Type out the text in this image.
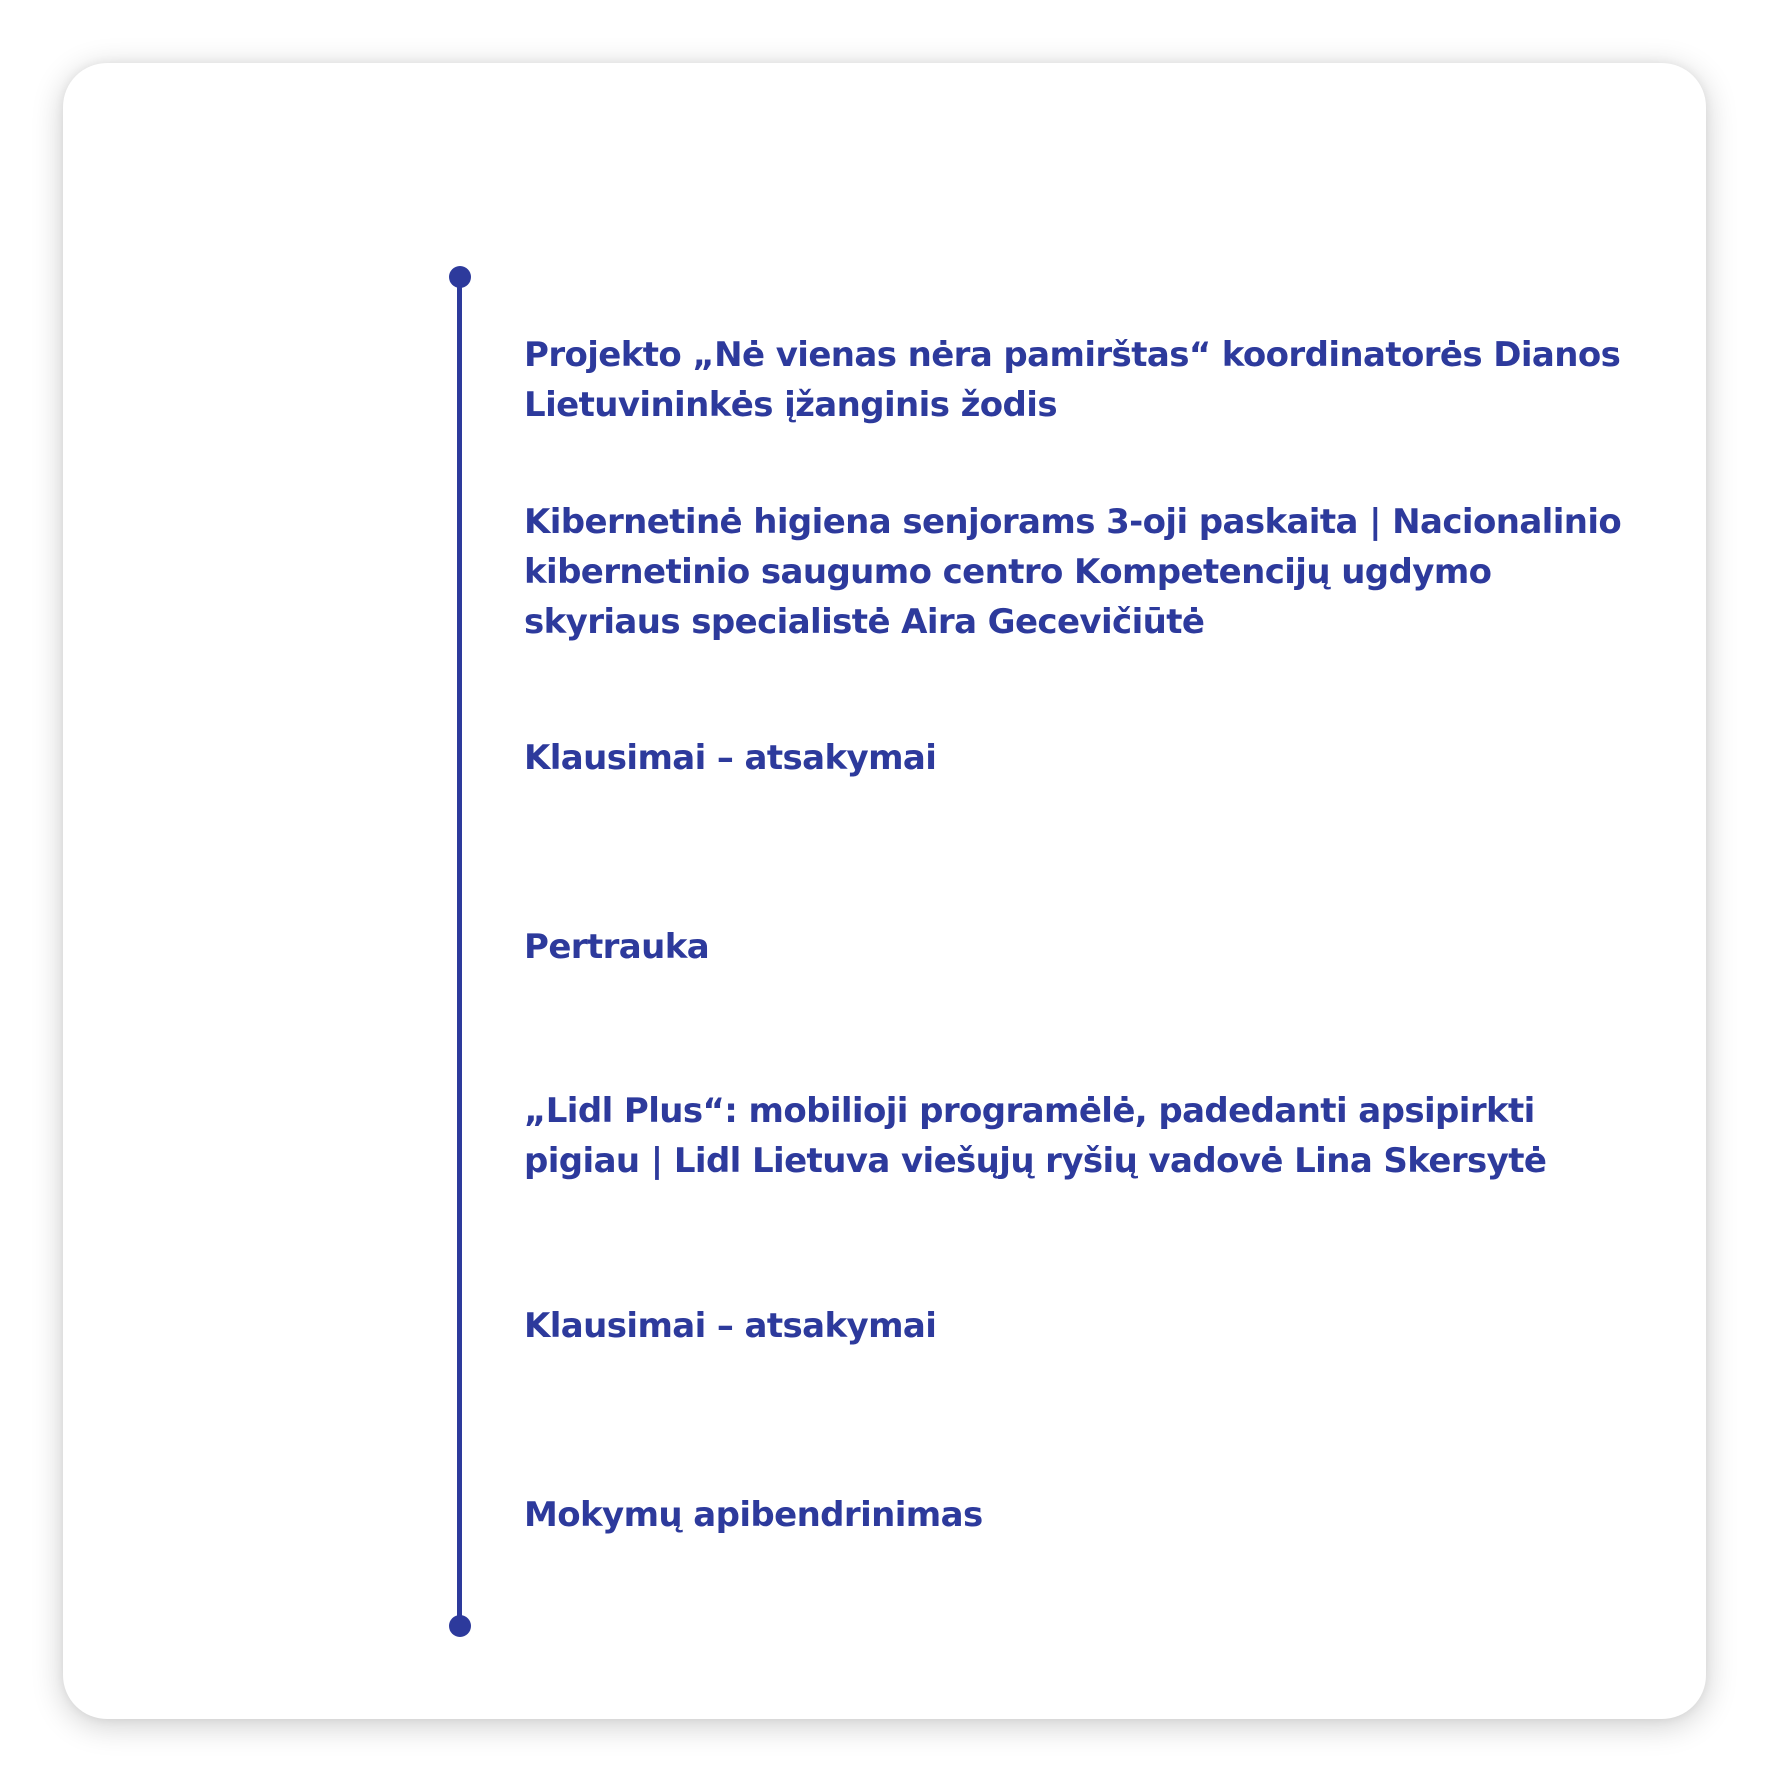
Projekto „Nė vienas nėra pamirštas“ koordinatorės Dianos Lietuvininkės įžanginis žodis
Kibernetinė higiena senjorams 3-oji paskaita | Nacionalinio kibernetinio saugumo centro Kompetencijų ugdymo skyriaus specialistė Aira Gecevičiūtė
Klausimai – atsakymai
Pertrauka
„Lidl Plus“: mobilioji programėlė, padedanti apsipirkti pigiau | Lidl Lietuva viešųjų ryšių vadovė Lina Skersytė
Klausimai – atsakymai
Mokymų apibendrinimas
